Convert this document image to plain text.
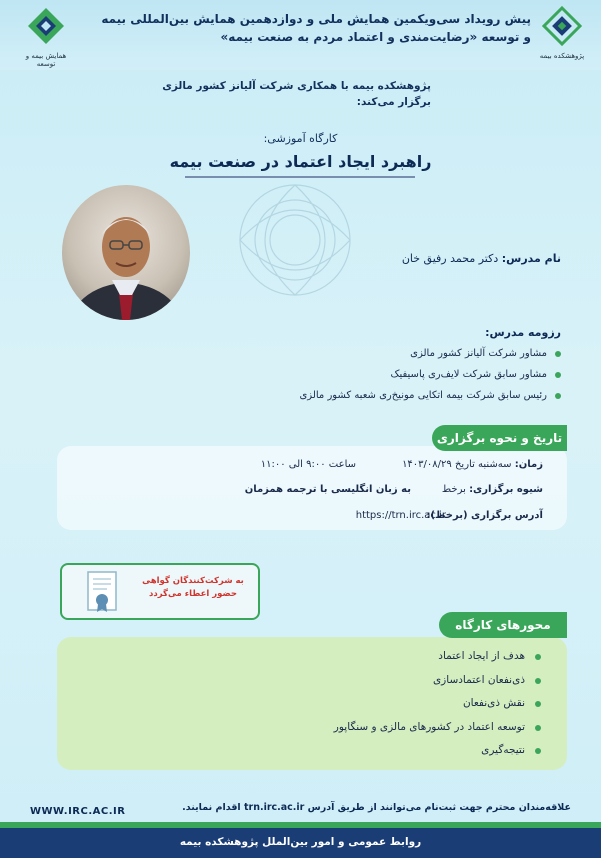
همایش بیمه و توسعه
پیش رویداد سی‌ویکمین همایش ملی و دوازدهمین همایش بین‌المللی بیمه و توسعه «رضایت‌مندی و اعتماد مردم به صنعت بیمه»
پژوهشکده بیمه
پژوهشکده بیمه با همکاری شرکت آلیانز کشور مالزی برگزار می‌کند:
کارگاه آموزشی:
راهبرد ایجاد اعتماد در صنعت بیمه
نام مدرس: دکتر محمد رفیق خان
رزومه مدرس:
مشاور شرکت آلیانز کشور مالزی
مشاور سابق شرکت لایف‌ری پاسیفیک
رئیس سابق شرکت بیمه اتکایی مونیخ‌ری شعبه کشور مالزی
تاریخ و نحوه برگزاری
زمان: سه‌شنبه تاریخ ۱۴۰۳/۰۸/۲۹
ساعت ۹:۰۰ الی ۱۱:۰۰
شیوه برگزاری: برخط
به زبان انگلیسی با ترجمه همزمان
آدرس برگزاری (برخط):
https://trn.irc.ac.ir
به شرکت‌کنندگان گواهی حضور اعطاء می‌گردد
محورهای کارگاه
هدف از ایجاد اعتماد
ذی‌نفعان اعتمادسازی
نقش ذی‌نفعان
توسعه اعتماد در کشورهای مالزی و سنگاپور
نتیجه‌گیری
علاقه‌مندان محترم جهت ثبت‌نام می‌توانند از طریق آدرس trn.irc.ac.ir اقدام نمایند.
WWW.IRC.AC.IR
روابط عمومی و امور بین‌الملل پژوهشکده بیمه
